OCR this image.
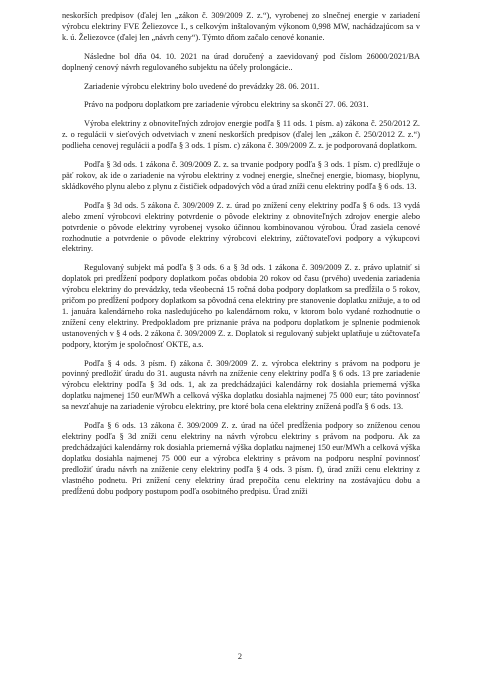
neskorších predpisov (ďalej len „zákon č. 309/2009 Z. z.“), vyrobenej zo slnečnej energie v zariadení výrobcu elektriny FVE Želiezovce I., s celkovým inštalovaným výkonom 0,998 MW, nachádzajúcom sa v k. ú. Želiezovce (ďalej len „návrh ceny“). Týmto dňom začalo cenové konanie.

Následne bol dňa 04. 10. 2021 na úrad doručený a zaevidovaný pod číslom 26000/2021/BA doplnený cenový návrh regulovaného subjektu na účely prolongácie..

Zariadenie výrobcu elektriny bolo uvedené do prevádzky 28. 06. 2011.

Právo na podporu doplatkom pre zariadenie výrobcu elektriny sa skončí 27. 06. 2031.

Výroba elektriny z obnoviteľných zdrojov energie podľa § 11 ods. 1 písm. a) zákona č. 250/2012 Z. z. o regulácii v sieťových odvetviach v znení neskorších predpisov (ďalej len „zákon č. 250/2012 Z. z.“) podlieha cenovej regulácii a podľa § 3 ods. 1 písm. c) zákona č. 309/2009 Z. z. je podporovaná doplatkom.

Podľa § 3d ods. 1 zákona č. 309/2009 Z. z. sa trvanie podpory podľa § 3 ods. 1 písm. c) predlžuje o päť rokov, ak ide o zariadenie na výrobu elektriny z vodnej energie, slnečnej energie, biomasy, bioplynu, skládkového plynu alebo z plynu z čističiek odpadových vôd a úrad zníži cenu elektriny podľa § 6 ods. 13.

Podľa § 3d ods. 5 zákona č. 309/2009 Z. z. úrad po znížení ceny elektriny podľa § 6 ods. 13 vydá alebo zmení výrobcovi elektriny potvrdenie o pôvode elektriny z obnoviteľných zdrojov energie alebo potvrdenie o pôvode elektriny vyrobenej vysoko účinnou kombinovanou výrobou. Úrad zasiela cenové rozhodnutie a potvrdenie o pôvode elektriny výrobcovi elektriny, zúčtovateľovi podpory a výkupcovi elektriny.

Regulovaný subjekt má podľa § 3 ods. 6 a § 3d ods. 1 zákona č. 309/2009 Z. z. právo uplatniť si doplatok pri predĺžení podpory doplatkom počas obdobia 20 rokov od času (prvého) uvedenia zariadenia výrobcu elektriny do prevádzky, teda všeobecná 15 ročná doba podpory doplatkom sa predĺžila o 5 rokov, pričom po predĺžení podpory doplatkom sa pôvodná cena elektriny pre stanovenie doplatku znižuje, a to od 1. januára kalendárneho roka nasledujúceho po kalendárnom roku, v ktorom bolo vydané rozhodnutie o znížení ceny elektriny. Predpokladom pre priznanie práva na podporu doplatkom je splnenie podmienok ustanovených v § 4 ods. 2 zákona č. 309/2009 Z. z. Doplatok si regulovaný subjekt uplatňuje u zúčtovateľa podpory, ktorým je spoločnosť OKTE, a.s.

Podľa § 4 ods. 3 písm. f) zákona č. 309/2009 Z. z. výrobca elektriny s právom na podporu je povinný predložiť úradu do 31. augusta návrh na zníženie ceny elektriny podľa § 6 ods. 13 pre zariadenie výrobcu elektriny podľa § 3d ods. 1, ak za predchádzajúci kalendárny rok dosiahla priemerná výška doplatku najmenej 150 eur/MWh a celková výška doplatku dosiahla najmenej 75 000 eur; táto povinnosť sa nevzťahuje na zariadenie výrobcu elektriny, pre ktoré bola cena elektriny znížená podľa § 6 ods. 13.

Podľa § 6 ods. 13 zákona č. 309/2009 Z. z. úrad na účel predĺženia podpory so zníženou cenou elektriny podľa § 3d zníži cenu elektriny na návrh výrobcu elektriny s právom na podporu. Ak za predchádzajúci kalendárny rok dosiahla priemerná výška doplatku najmenej 150 eur/MWh a celková výška doplatku dosiahla najmenej 75 000 eur a výrobca elektriny s právom na podporu nesplní povinnosť predložiť úradu návrh na zníženie ceny elektriny podľa § 4 ods. 3 písm. f), úrad zníži cenu elektriny z vlastného podnetu. Pri znížení ceny elektriny úrad prepočíta cenu elektriny na zostávajúcu dobu a predĺženú dobu podpory postupom podľa osobitného predpisu. Úrad zníži

2
